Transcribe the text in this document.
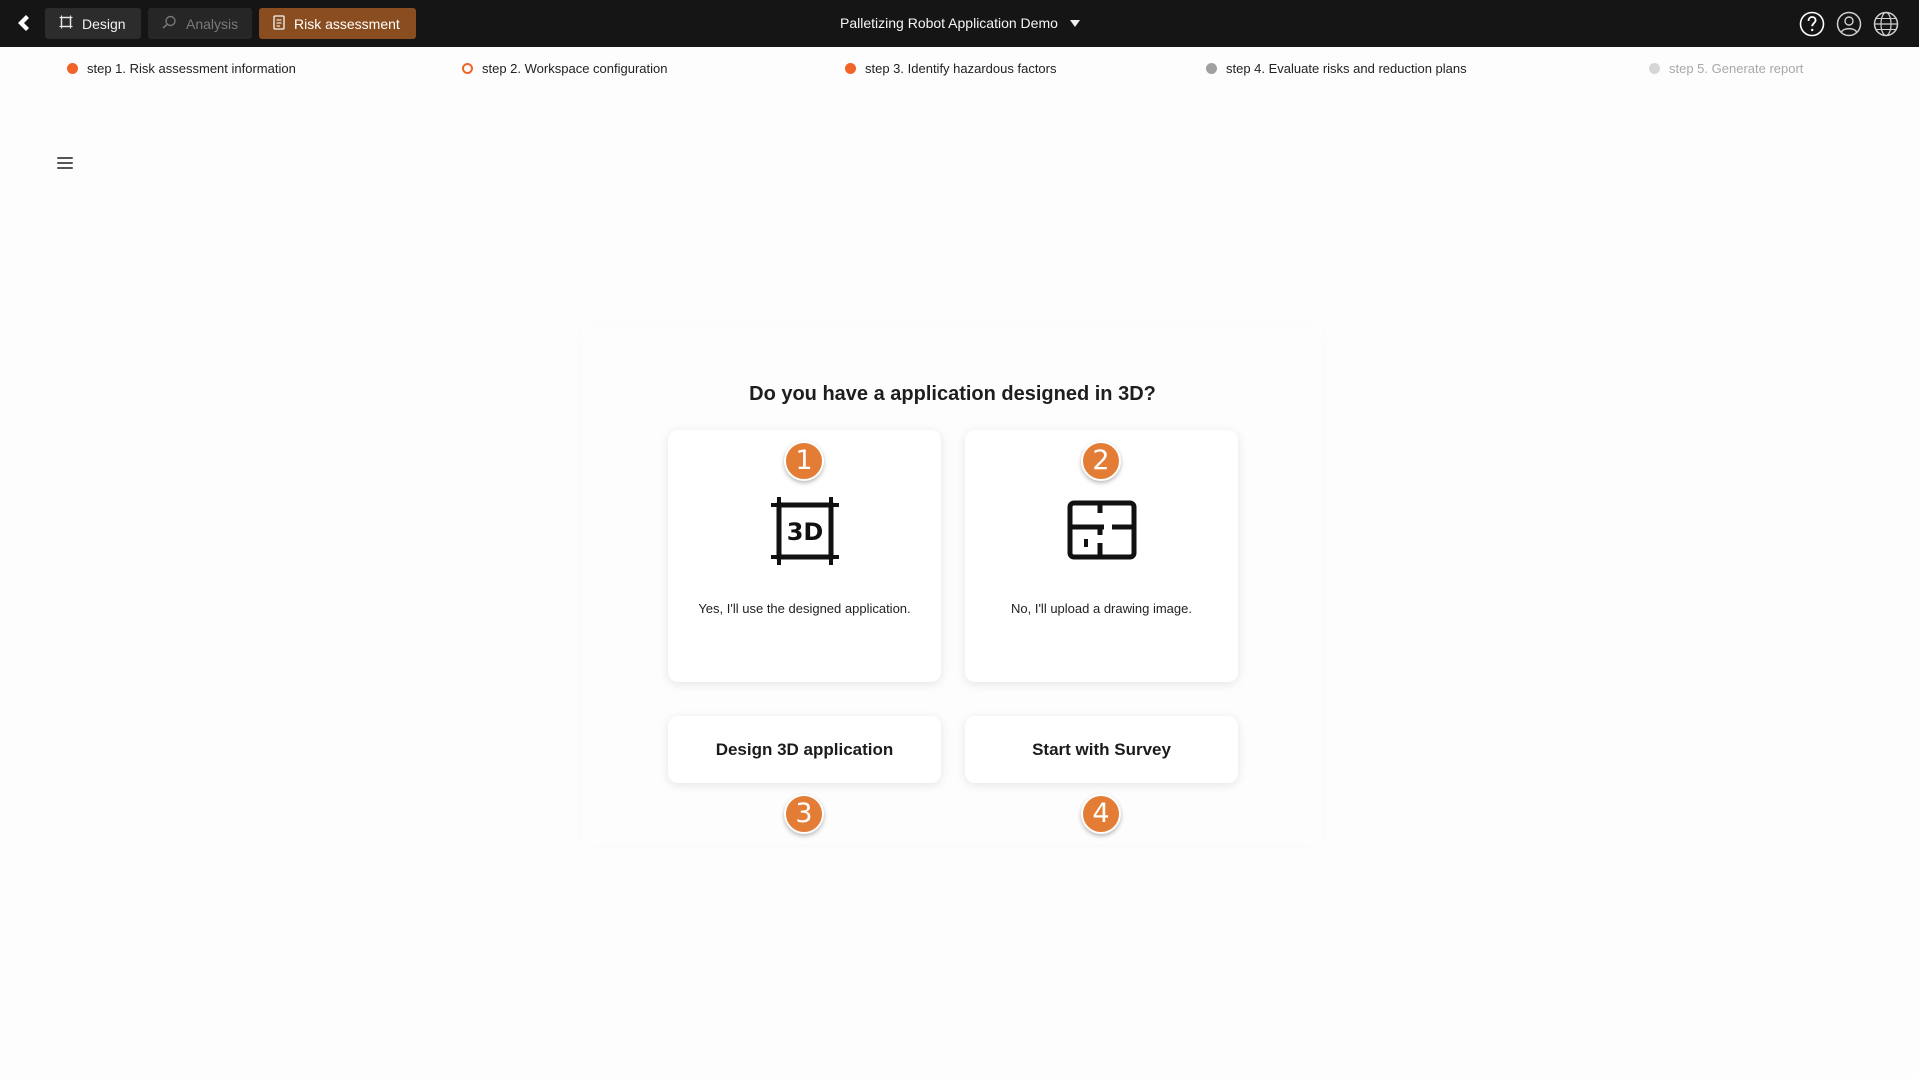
Design	Analysis	Risk assessment	Palletizing Robot Application Demo
step 1. Risk assessment information	step 2. Workspace configuration	step 3. Identify hazardous factors	step 4. Evaluate risks and reduction plans	step 5. Generate report
Do you have a application designed in 3D?
3D
Yes, I'll use the designed application.	No, I'll upload a drawing image.
Design 3D application	Start with Survey
1	2
3	4
